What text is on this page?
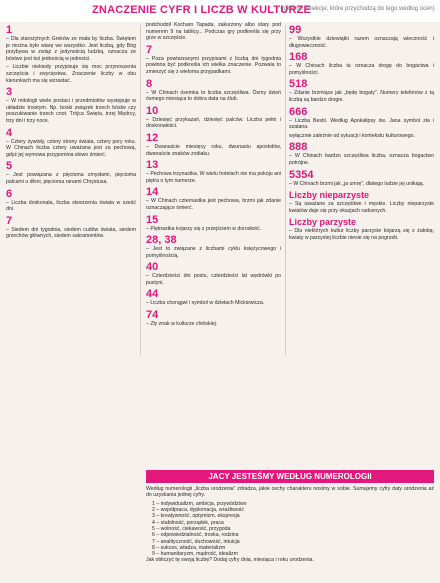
ZNACZENIE CYFR I LICZB W KULTURZE
(główne obiekcje, które przychodzą do tego według ocen)
1

– Dla starożytnych Greków ze mała by liczba. Świętem je można było wiarę we wszystko. Jest liczbą, gdy Bóg przybywa w zwiąż z jedynością ludzką, oznacza ze bóstwo jest też jednością w jedności.

– Liczbie niekiedy przypisuje się moc przynoszenia szczęścia i zwycięstwa. Znaczenie liczby w obu kierunkach ma się wzrastać.

3

– W mitologii wiele postaci i przedmiotów występuje w układzie troistym. Np. boski związek trzech bóstw czy poszukiwanie trzech cnot. Trójca Święta, trzej Mędrcy, trzy dni i trzy noce.

4

– Cztery żywioły, cztery strony świata, cztery pory roku. W Chinach liczba cztery uważana jest za pechową, gdyż jej wymowa przypomina słowo śmierć.

5

– Jest powiązana z pięcioma zmysłami, pięcioma palcami u dłoni, pięcioma ranami Chrystusa.

6

– Liczba doskonała, liczba stworzenia świata w sześć dni.

7

– Siedem dni tygodnia, siedem cudów świata, siedem grzechów głównych, siedem sakramentów.

podchodził Kocharo Tapada, zakurzony albo stary pod numerem 9 na tablicy... Podczas gry podkreśla się przy grze w szczęście.

7

– Poza powtarzanymi przypisami z liczbą dni tygodnia powinna być podkreśla ich wielka znaczenie. Pozwala to zmierzyć się z wieloma przypadkami.

8

– W Chinach ósemka to liczba szczęśliwa. Ósmy dzień ósmego miesiąca to dobra data na ślub.

10

– Dziesięć przykazań, dziesięć palców. Liczba pełni i doskonałości.

12

– Dwanaście miesięcy roku, dwunastu apostołów, dwanaście znaków zodiaku.

13

– Pechowa trzynastka. W wielu hotelach nie ma pokoju ani piętra o tym numerze.

14

– W Chinach czternastka jest pechowa, brzmi jak zdanie oznaczające śmierć.

15

– Piętnastka kojarzy się z przejściem w dorosłość.

28, 38

– Jest to związane z liczbami cyklu księżycowego i pomyślnością.

40

– Czterdzieści dni postu, czterdzieści lat wędrówki po pustyni.

44

– Liczba chorągwi i symbol w dziełach Mickiewicza.

74

– Zły znak w kulturze chińskiej.

99

– Wszystkie dziewiątki razem oznaczają wieczność i długowieczność.

168

– W Chinach liczba ta oznacza drogę do bogactwa i pomyślności.

518

– Zdanie brzmiące jak „będę bogaty”. Numery telefonów z tą liczbą są bardzo drogie.

666

– Liczba Bestii. Według Apokalipsy św. Jana symbol zła i szatana.

wyłącznie zależnie od sytuacji i kontekstu kulturowego.

888

– W Chinach bardzo szczęśliwa liczba, oznacza bogactwo potrójne.

5354

– W Chinach brzmi jak „ja umrę”, dlatego ludzie jej unikają.

Liczby nieparzyste

– Są uważane za szczęśliwe i męskie. Liczby nieparzyste kwiatów daje się przy okazjach radosnych.

Liczby parzyste

– Dla niektórych kultur liczby parzyste kojarzą się z żałobą; kwiaty w parzystej liczbie niesie się na pogrzeb.

JACY JESTEŚMY WEDŁUG NUMEROLOGII

Według numerologii „liczba urodzenia” zdradza, jakie cechy charakteru nosimy w sobie. Sumujemy cyfry daty urodzenia aż do uzyskania jednej cyfry.

1 – indywidualizm, ambicja, przywództwo
2 – współpraca, dyplomacja, wrażliwość
3 – kreatywność, optymizm, ekspresja
4 – stabilność, porządek, praca
5 – wolność, ciekawość, przygoda
6 – odpowiedzialność, troska, rodzina
7 – analityczność, duchowość, intuicja
8 – sukces, władza, materializm
9 – humanitaryzm, mądrość, idealizm

Jak obliczyć tę swoją liczbę? Dodaj cyfry dnia, miesiąca i roku urodzenia.
